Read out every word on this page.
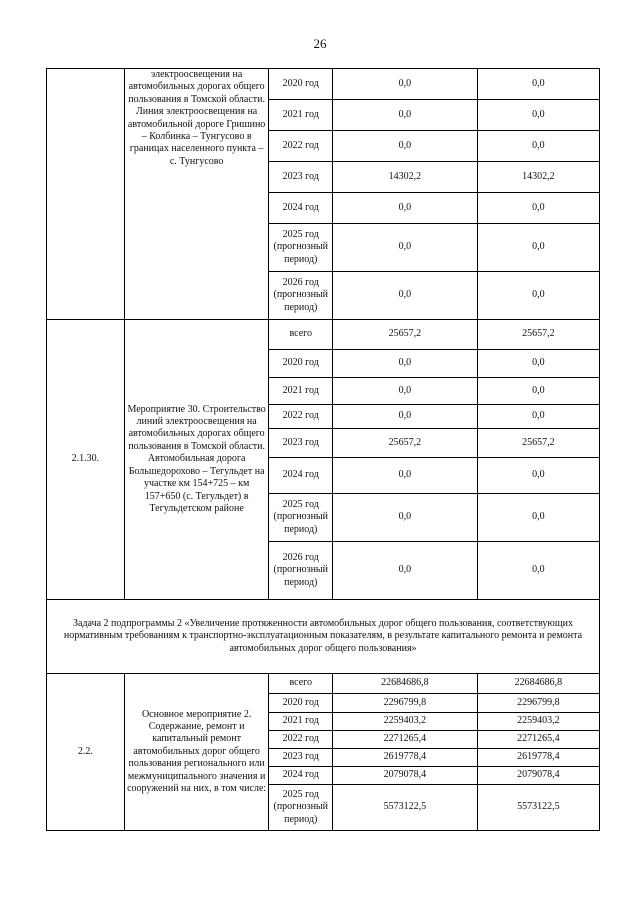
26
	электроосвещения на автомобильных дорогах общего пользования в Томской области. Линия электроосвещения на автомобильной дороге Гришино – Колбинка – Тунгусово в границах населенного пункта – с. Тунгусово	2020 год	0,0	0,0
		2021 год	0,0	0,0
		2022 год	0,0	0,0
		2023 год	14302,2	14302,2
		2024 год	0,0	0,0
		2025 год (прогнозный период)	0,0	0,0
		2026 год (прогнозный период)	0,0	0,0
2.1.30.	Мероприятие 30. Строительство линий электроосвещения на автомобильных дорогах общего пользования в Томской области. Автомобильная дорога Большедорохово – Тегульдет на участке км 154+725 – км 157+650 (с. Тегульдет) в Тегульдетском районе	всего	25657,2	25657,2
		2020 год	0,0	0,0
		2021 год	0,0	0,0
		2022 год	0,0	0,0
		2023 год	25657,2	25657,2
		2024 год	0,0	0,0
		2025 год (прогнозный период)	0,0	0,0
		2026 год (прогнозный период)	0,0	0,0
Задача 2 подпрограммы 2 «Увеличение протяженности автомобильных дорог общего пользования, соответствующих нормативным требованиям к транспортно-эксплуатационным показателям, в результате капитального ремонта и ремонта автомобильных дорог общего пользования»				
2.2.	Основное мероприятие 2. Содержание, ремонт и капитальный ремонт автомобильных дорог общего пользования регионального или межмуниципального значения и сооружений на них, в том числе:	всего	22684686,8	22684686,8
		2020 год	2296799,8	2296799,8
		2021 год	2259403,2	2259403,2
		2022 год	2271265,4	2271265,4
		2023 год	2619778,4	2619778,4
		2024 год	2079078,4	2079078,4
		2025 год (прогнозный период)	5573122,5	5573122,5
